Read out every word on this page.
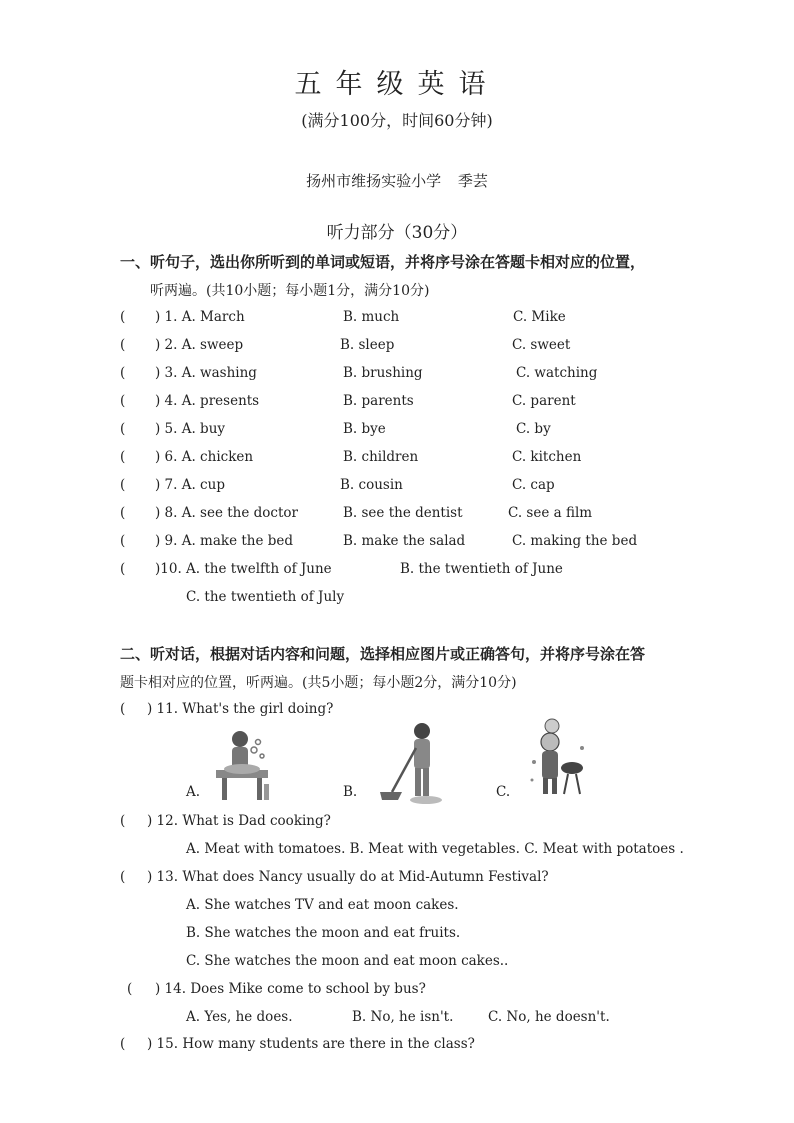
五年级英语
(满分100分，时间60分钟)
扬州市维扬实验小学 季芸
听力部分（30分）
一、听句子，选出你所听到的单词或短语，并将序号涂在答题卡相对应的位置，
听两遍。(共10小题；每小题1分，满分10分)
( ) 1. A. March	B. much	C. Mike
( ) 2. A. sweep	B. sleep	C. sweet
( ) 3. A. washing	B. brushing	C. watching
( ) 4. A. presents	B. parents	C. parent
( ) 5. A. buy	B. bye	C. by
( ) 6. A. chicken	B. children	C. kitchen
( ) 7. A. cup	B. cousin	C. cap
( ) 8. A. see the doctor	B. see the dentist	C. see a film
( ) 9. A. make the bed	B. make the salad	C. making the bed
( )10. A. the twelfth of June	B. the twentieth of June
C. the twentieth of July
二、听对话，根据对话内容和问题，选择相应图片或正确答句，并将序号涂在答
题卡相对应的位置，听两遍。(共5小题；每小题2分，满分10分)
( ) 11. What's the girl doing?
A.	B.	C.
( ) 12. What is Dad cooking?
A. Meat with tomatoes. B. Meat with vegetables. C. Meat with potatoes .
( ) 13. What does Nancy usually do at Mid-Autumn Festival?
A. She watches TV and eat moon cakes.
B. She watches the moon and eat fruits.
C. She watches the moon and eat moon cakes..
( ) 14. Does Mike come to school by bus?
A. Yes, he does.	B. No, he isn't.	C. No, he doesn't.
( ) 15. How many students are there in the class?
